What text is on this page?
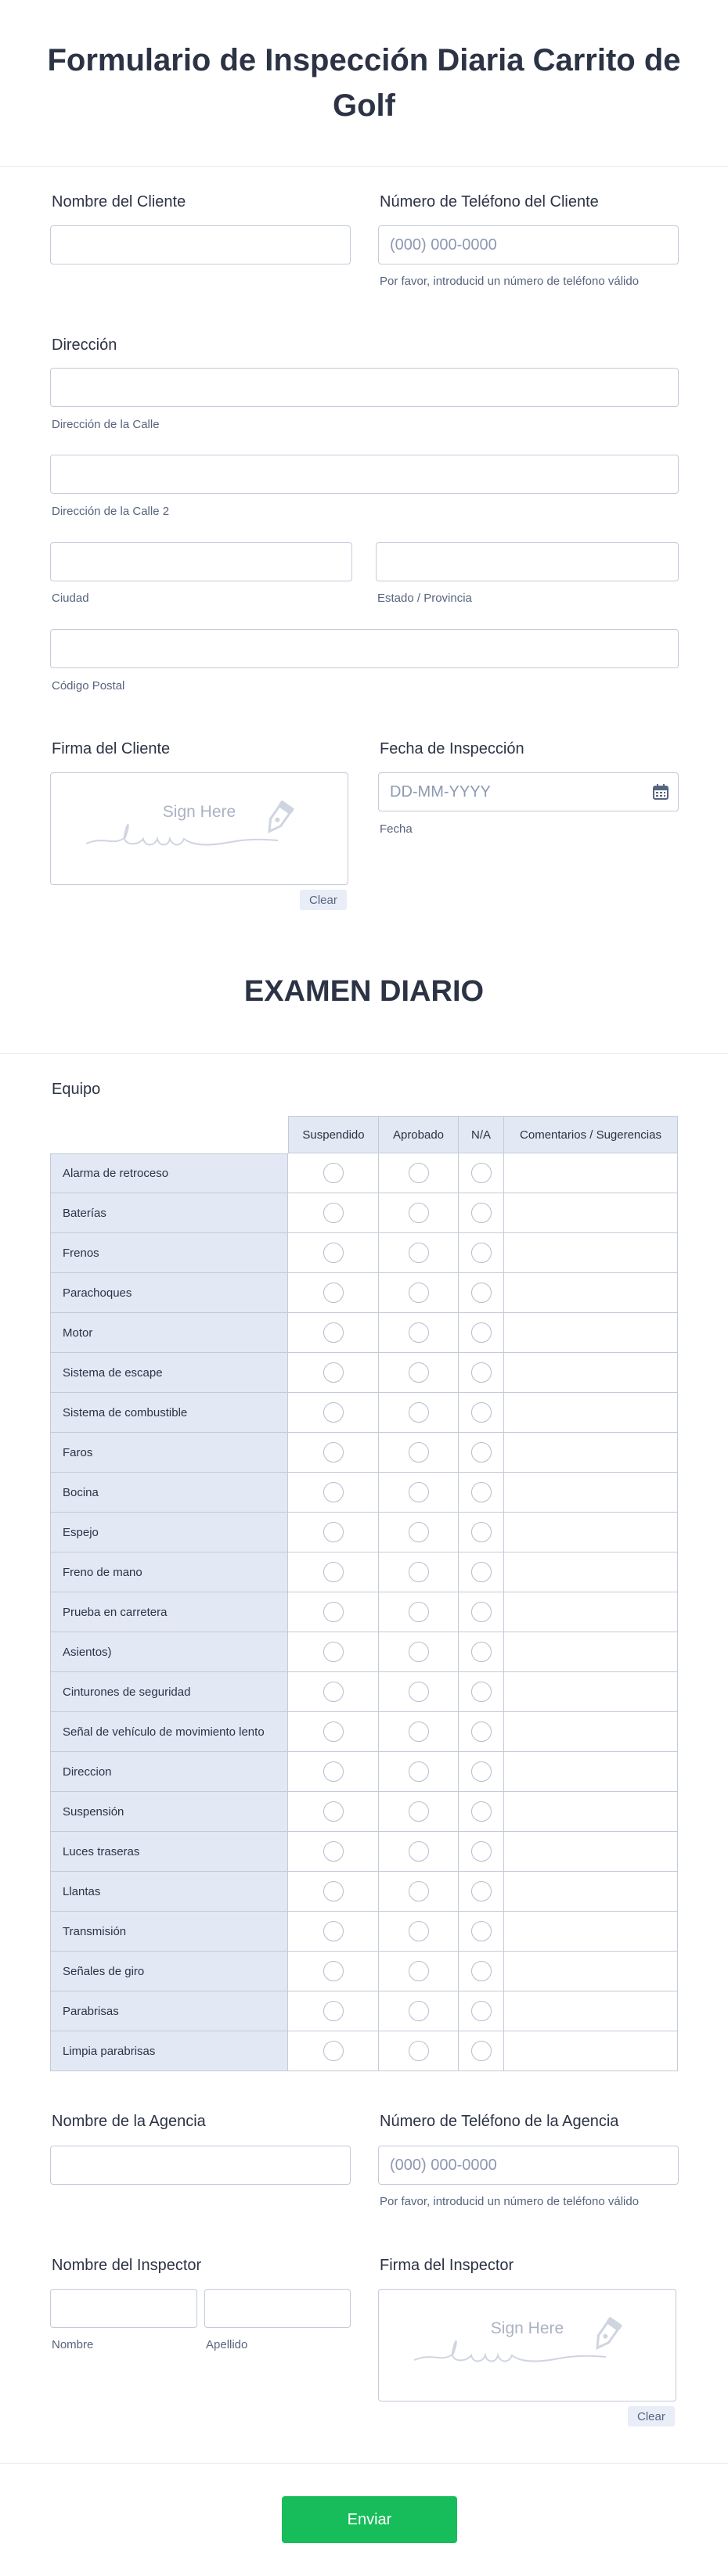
Formulario de Inspección Diaria Carrito de Golf
Nombre del Cliente	Número de Teléfono del Cliente
(000) 000-0000
Por favor, introducid un número de teléfono válido
Dirección
Dirección de la Calle
Dirección de la Calle 2
Ciudad	Estado / Provincia
Código Postal
Firma del Cliente
Sign Here
Clear
Fecha de Inspección
DD-MM-YYYY
Fecha
EXAMEN DIARIO
Equipo
Suspendido	Aprobado	N/A	Comentarios / Sugerencias
Alarma de retroceso
Baterías
Frenos
Parachoques
Motor
Sistema de escape
Sistema de combustible
Faros
Bocina
Espejo
Freno de mano
Prueba en carretera
Asientos)
Cinturones de seguridad
Señal de vehículo de movimiento lento
Direccion
Suspensión
Luces traseras
Llantas
Transmisión
Señales de giro
Parabrisas
Limpia parabrisas
Nombre de la Agencia	Número de Teléfono de la Agencia
(000) 000-0000
Por favor, introducid un número de teléfono válido
Nombre del Inspector
Nombre	Apellido
Firma del Inspector
Sign Here
Clear
Enviar
